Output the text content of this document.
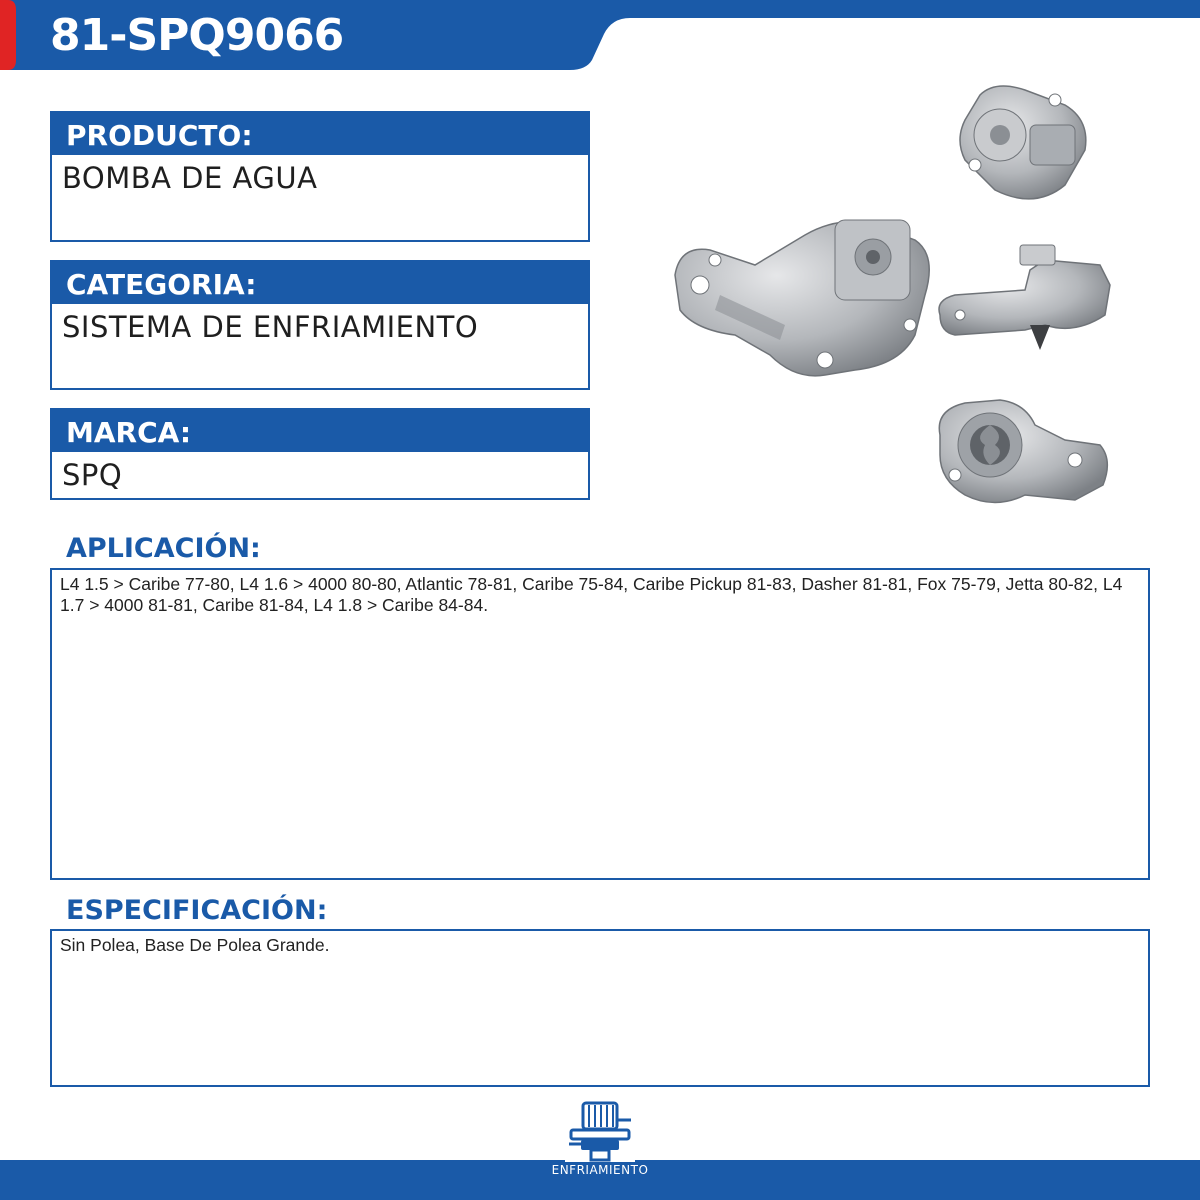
81-SPQ9066
PRODUCTO:
BOMBA DE AGUA
CATEGORIA:
SISTEMA DE ENFRIAMIENTO
MARCA:
SPQ
APLICACIÓN:
L4 1.5 > Caribe 77-80, L4 1.6 > 4000 80-80, Atlantic 78-81, Caribe 75-84, Caribe Pickup 81-83, Dasher 81-81, Fox 75-79, Jetta 80-82, L4 1.7 > 4000 81-81, Caribe 81-84, L4 1.8 > Caribe 84-84.
ESPECIFICACIÓN:
Sin Polea, Base De Polea Grande.
ENFRIAMIENTO
